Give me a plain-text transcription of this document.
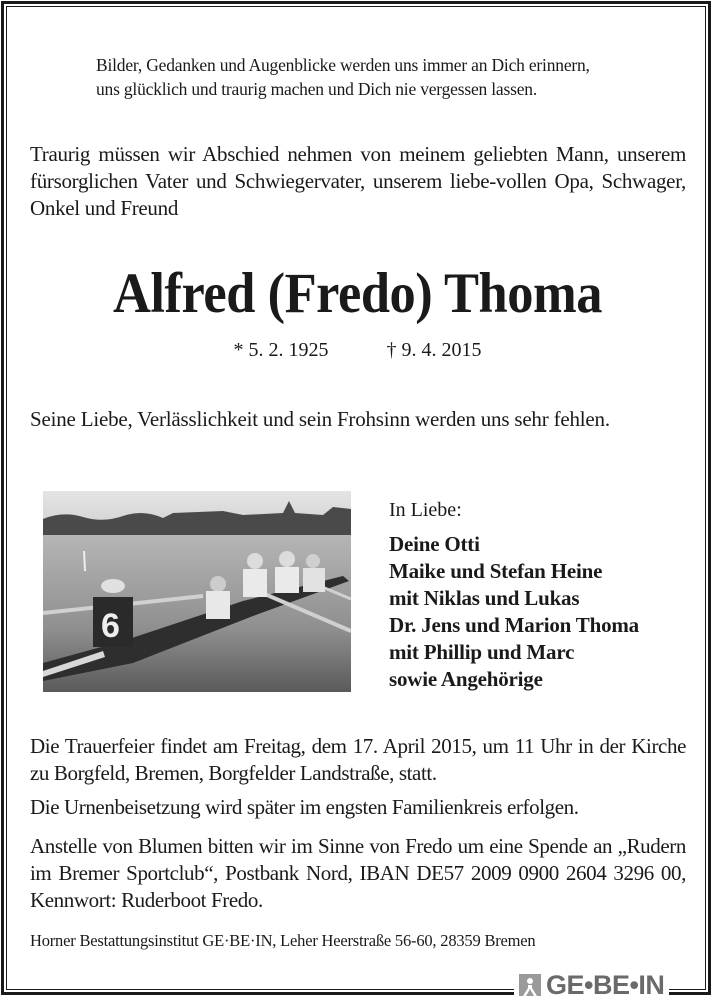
Bilder, Gedanken und Augenblicke werden uns immer an Dich erinnern,
uns glücklich und traurig machen und Dich nie vergessen lassen.
Traurig müssen wir Abschied nehmen von meinem geliebten Mann, unserem fürsorglichen Vater und Schwiegervater, unserem liebe-vollen Opa, Schwager, Onkel und Freund
Alfred (Fredo) Thoma
* 5. 2. 1925	† 9. 4. 2015
Seine Liebe, Verlässlichkeit und sein Frohsinn werden uns sehr fehlen.
6
In Liebe:
Deine Otti
Maike und Stefan Heine
mit Niklas und Lukas
Dr. Jens und Marion Thoma
mit Phillip und Marc
sowie Angehörige
Die Trauerfeier findet am Freitag, dem 17. April 2015, um 11 Uhr in der Kirche zu Borgfeld, Bremen, Borgfelder Landstraße, statt.
Die Urnenbeisetzung wird später im engsten Familienkreis erfolgen.
Anstelle von Blumen bitten wir im Sinne von Fredo um eine Spende an „Rudern im Bremer Sportclub“, Postbank Nord, IBAN DE57 2009 0900 2604 3296 00, Kennwort: Ruderboot Fredo.
Horner Bestattungsinstitut GE·BE·IN, Leher Heerstraße 56-60, 28359 Bremen
GE•BE•IN
